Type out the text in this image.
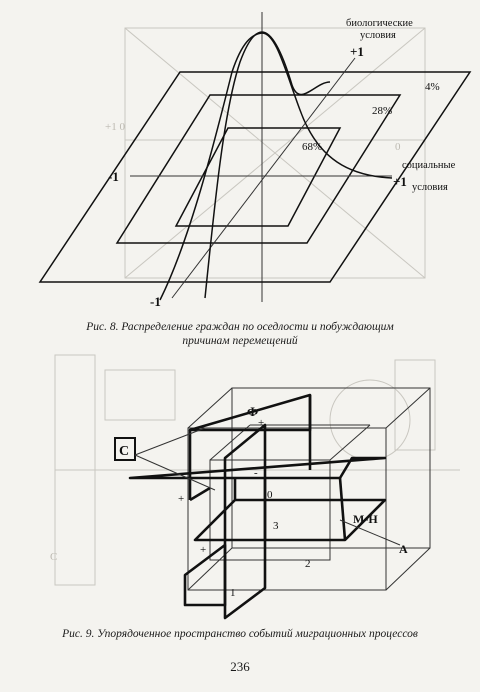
+1 0
0
биологические
условия
+1
4%
28%
68%
социальные
условия
-1	+1
-1
Рис. 8. Распределение граждан по оседлости и побуждающим
причинам перемещений
C
С
Ф
+
-
+	0
3	М-Н
+
2
1
А
Рис. 9. Упорядоченное пространство событий миграционных процессов
236
